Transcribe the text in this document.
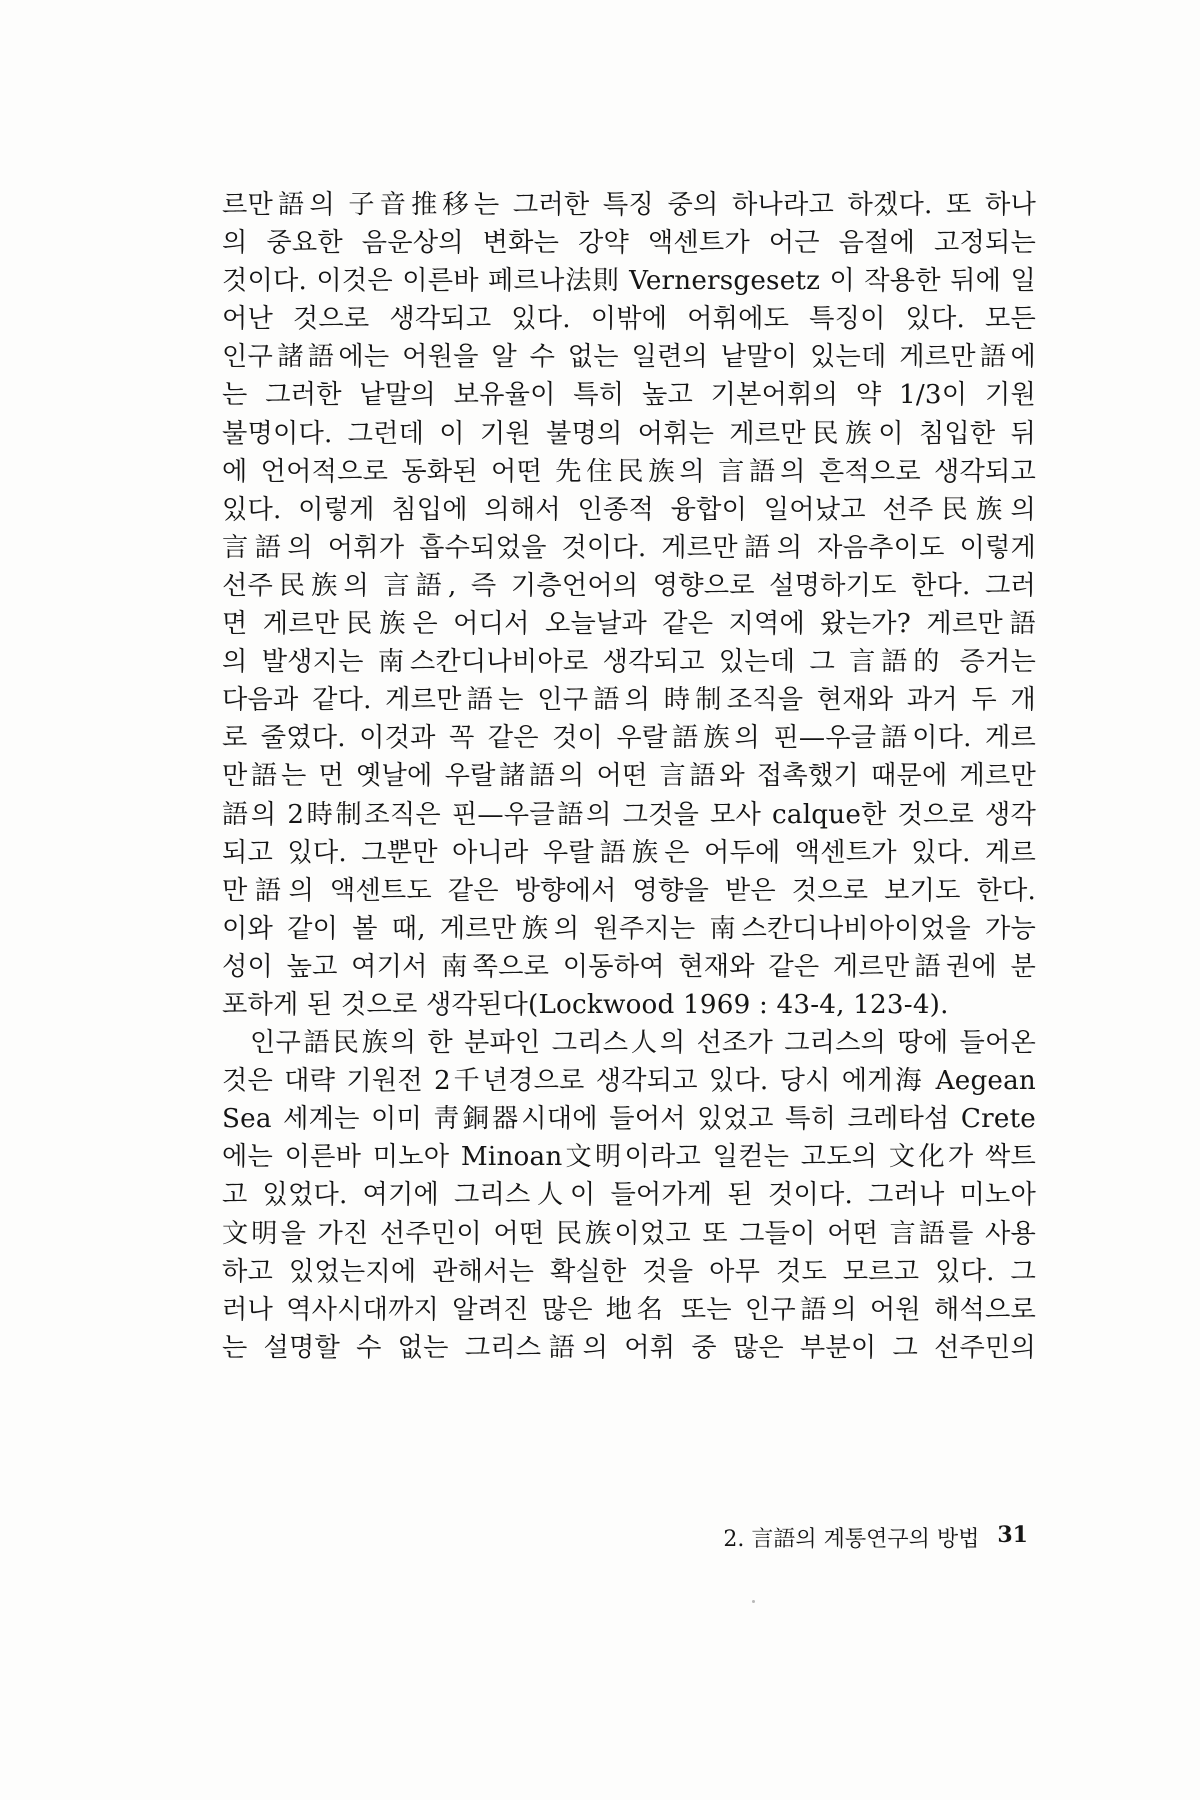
르만語의 子音推移는 그러한 특징 중의 하나라고 하겠다. 또 하나
의 중요한 음운상의 변화는 강약 액센트가 어근 음절에 고정되는
것이다. 이것은 이른바 페르나法則 Vernersgesetz 이 작용한 뒤에 일
어난 것으로 생각되고 있다. 이밖에 어휘에도 특징이 있다. 모든
인구諸語에는 어원을 알 수 없는 일련의 낱말이 있는데 게르만語에
는 그러한 낱말의 보유율이 특히 높고 기본어휘의 약 1/3이 기원
불명이다. 그런데 이 기원 불명의 어휘는 게르만民族이 침입한 뒤
에 언어적으로 동화된 어떤 先住民族의 言語의 흔적으로 생각되고
있다. 이렇게 침입에 의해서 인종적 융합이 일어났고 선주民族의
言語의 어휘가 흡수되었을 것이다. 게르만語의 자음추이도 이렇게
선주民族의 言語, 즉 기층언어의 영향으로 설명하기도 한다. 그러
면 게르만民族은 어디서 오늘날과 같은 지역에 왔는가? 게르만語
의 발생지는 南스칸디나비아로 생각되고 있는데 그 言語的 증거는
다음과 같다. 게르만語는 인구語의 時制조직을 현재와 과거 두 개
로 줄였다. 이것과 꼭 같은 것이 우랄語族의 핀—우글語이다. 게르
만語는 먼 옛날에 우랄諸語의 어떤 言語와 접촉했기 때문에 게르만
語의 2時制조직은 핀—우글語의 그것을 모사 calque한 것으로 생각
되고 있다. 그뿐만 아니라 우랄語族은 어두에 액센트가 있다. 게르
만語의 액센트도 같은 방향에서 영향을 받은 것으로 보기도 한다.
이와 같이 볼 때, 게르만族의 원주지는 南스칸디나비아이었을 가능
성이 높고 여기서 南쪽으로 이동하여 현재와 같은 게르만語권에 분
포하게 된 것으로 생각된다(Lockwood 1969 : 43-4, 123-4).
인구語民族의 한 분파인 그리스人의 선조가 그리스의 땅에 들어온
것은 대략 기원전 2千년경으로 생각되고 있다. 당시 에게海 Aegean
Sea 세계는 이미 靑銅器시대에 들어서 있었고 특히 크레타섬 Crete
에는 이른바 미노아 Minoan文明이라고 일컫는 고도의 文化가 싹트
고 있었다. 여기에 그리스人이 들어가게 된 것이다. 그러나 미노아
文明을 가진 선주민이 어떤 民族이었고 또 그들이 어떤 言語를 사용
하고 있었는지에 관해서는 확실한 것을 아무 것도 모르고 있다. 그
러나 역사시대까지 알려진 많은 地名 또는 인구語의 어원 해석으로
는 설명할 수 없는 그리스語의 어휘 중 많은 부분이 그 선주민의
2. 言語의 계통연구의 방법 31
